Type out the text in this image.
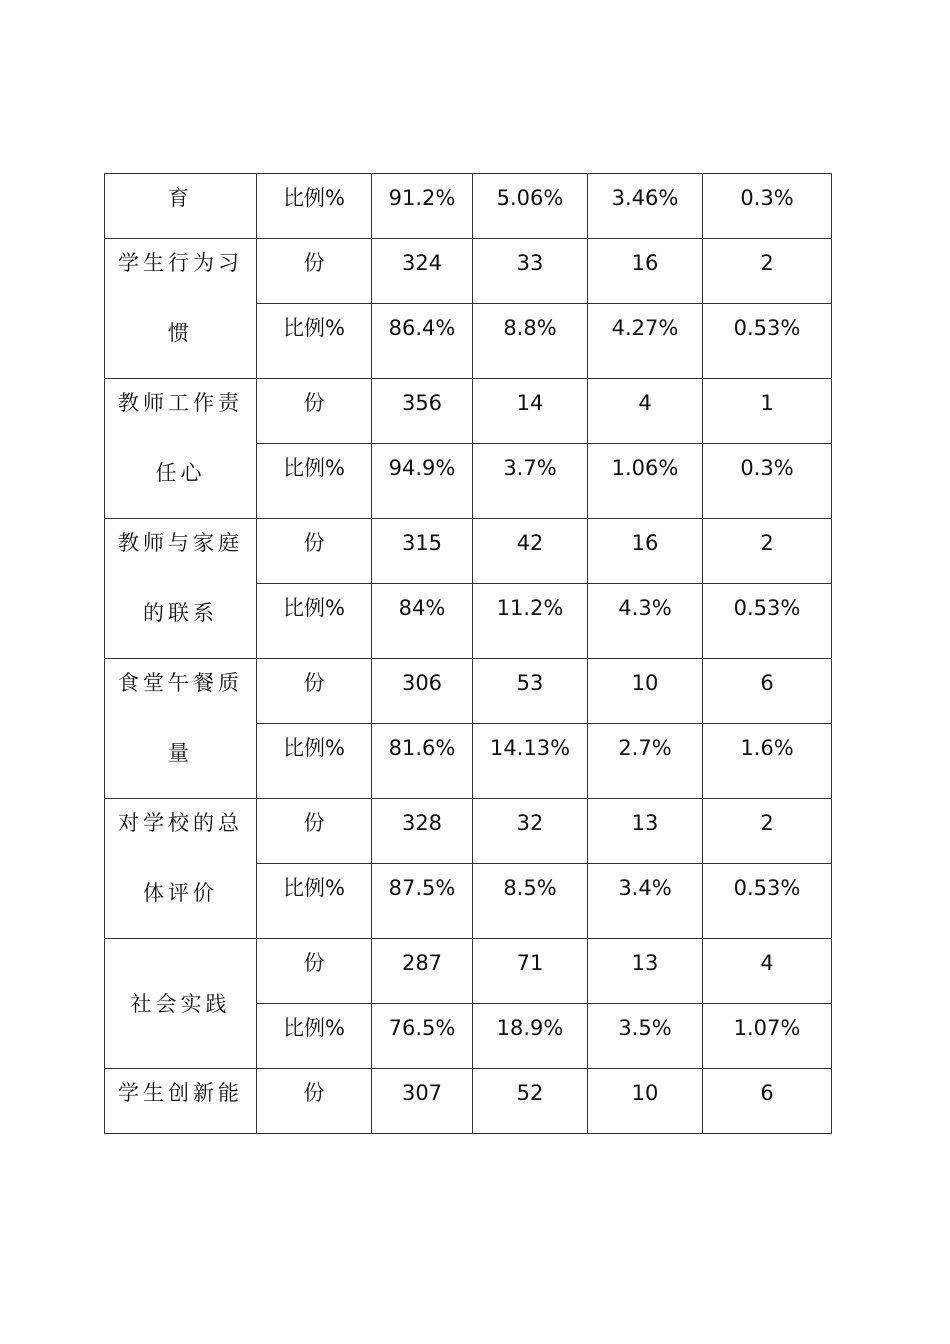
育	比例%	91.2%	5.06%	3.46%	0.3%

学生行为习
惯	份	324	33	16	2
	比例%	86.4%	8.8%	4.27%	0.53%

教师工作责
任心	份	356	14	4	1
	比例%	94.9%	3.7%	1.06%	0.3%

教师与家庭
的联系	份	315	42	16	2
	比例%	84%	11.2%	4.3%	0.53%

食堂午餐质
量	份	306	53	10	6
	比例%	81.6%	14.13%	2.7%	1.6%

对学校的总
体评价	份	328	32	13	2
	比例%	87.5%	8.5%	3.4%	0.53%

社会实践	份	287	71	13	4
	比例%	76.5%	18.9%	3.5%	1.07%

学生创新能	份	307	52	10	6
